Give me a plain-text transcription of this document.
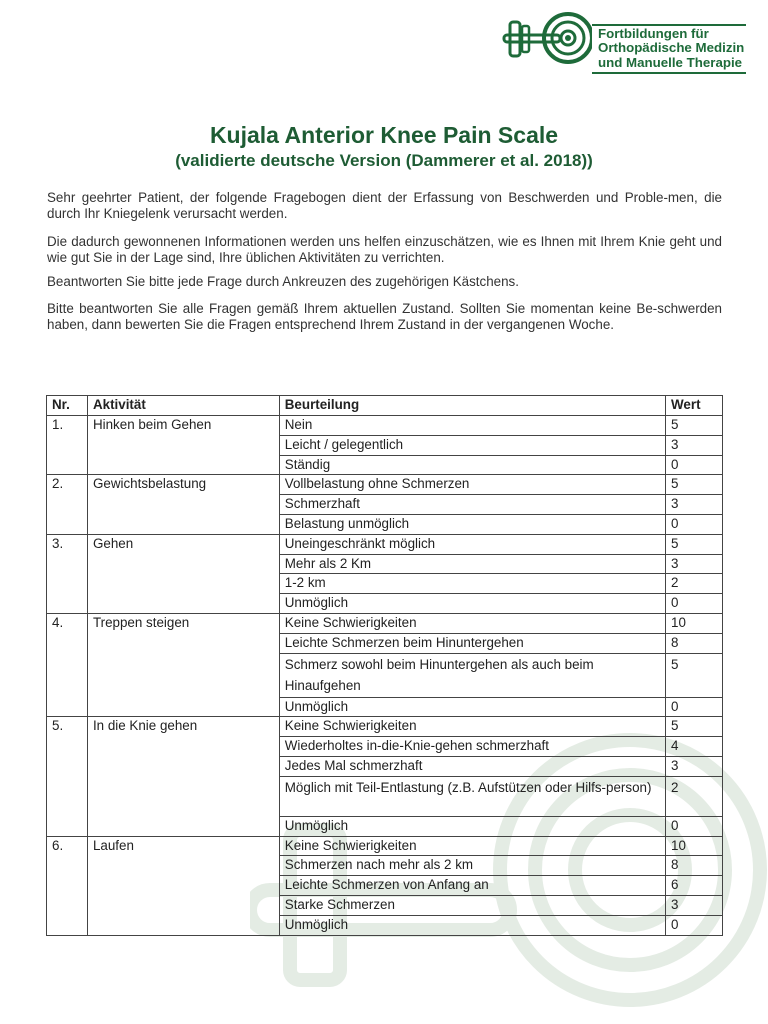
Fortbildungen für
Orthopädische Medizin
und Manuelle Therapie
Kujala Anterior Knee Pain Scale
(validierte deutsche Version (Dammerer et al. 2018))

Sehr geehrter Patient, der folgende Fragebogen dient der Erfassung von Beschwerden und Proble-men, die durch Ihr Kniegelenk verursacht werden.

Die dadurch gewonnenen Informationen werden uns helfen einzuschätzen, wie es Ihnen mit Ihrem Knie geht und wie gut Sie in der Lage sind, Ihre üblichen Aktivitäten zu verrichten.

Beantworten Sie bitte jede Frage durch Ankreuzen des zugehörigen Kästchens.

Bitte beantworten Sie alle Fragen gemäß Ihrem aktuellen Zustand. Sollten Sie momentan keine Be-schwerden haben, dann bewerten Sie die Fragen entsprechend Ihrem Zustand in der vergangenen Woche.

Nr.	Aktivität	Beurteilung	Wert
1.	Hinken beim Gehen	Nein	5
		Leicht / gelegentlich	3
		Ständig	0
2.	Gewichtsbelastung	Vollbelastung ohne Schmerzen	5
		Schmerzhaft	3
		Belastung unmöglich	0
3.	Gehen	Uneingeschränkt möglich	5
		Mehr als 2 Km	3
		1-2 km	2
		Unmöglich	0
4.	Treppen steigen	Keine Schwierigkeiten	10
		Leichte Schmerzen beim Hinuntergehen	8
		Schmerz sowohl beim Hinuntergehen als auch beim Hinaufgehen	5
		Unmöglich	0
5.	In die Knie gehen	Keine Schwierigkeiten	5
		Wiederholtes in-die-Knie-gehen schmerzhaft	4
		Jedes Mal schmerzhaft	3
		Möglich mit Teil-Entlastung (z.B. Aufstützen oder Hilfs-person)	2
		Unmöglich	0
6.	Laufen	Keine Schwierigkeiten	10
		Schmerzen nach mehr als 2 km	8
		Leichte Schmerzen von Anfang an	6
		Starke Schmerzen	3
		Unmöglich	0
